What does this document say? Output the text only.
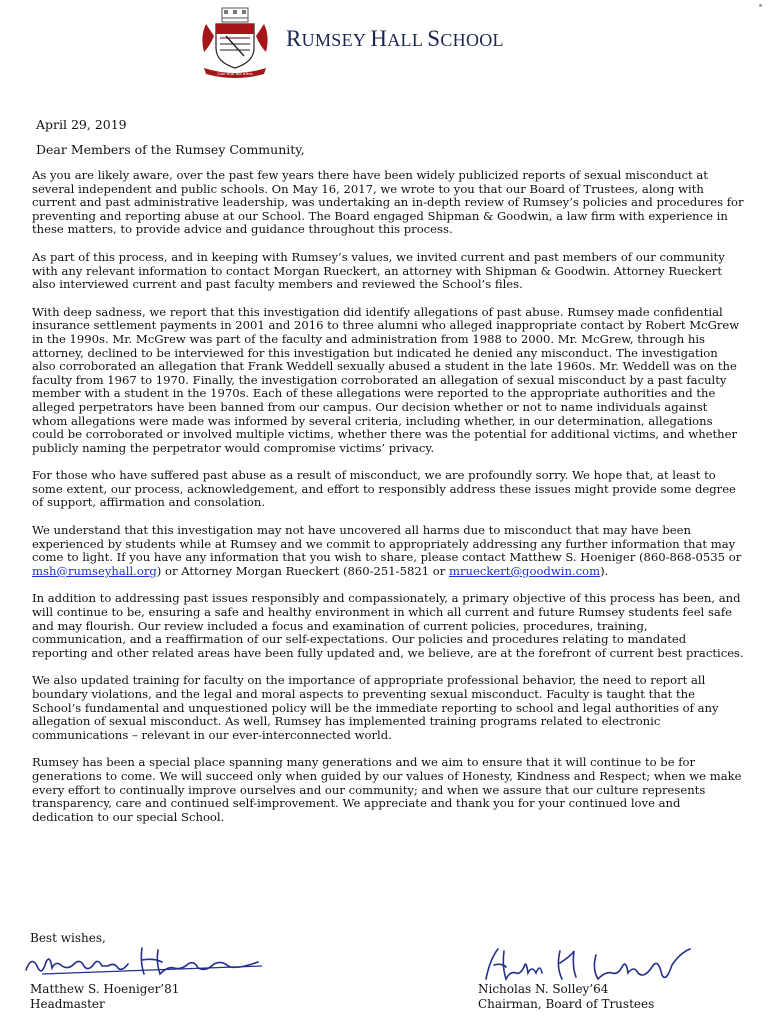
Quo non fas ultra
RUMSEY HALL SCHOOL
April 29, 2019
Dear Members of the Rumsey Community,

As you are likely aware, over the past few years there have been widely publicized reports of sexual misconduct at several independent and public schools. On May 16, 2017, we wrote to you that our Board of Trustees, along with current and past administrative leadership, was undertaking an in-depth review of Rumsey’s policies and procedures for preventing and reporting abuse at our School. The Board engaged Shipman & Goodwin, a law firm with experience in these matters, to provide advice and guidance throughout this process.

As part of this process, and in keeping with Rumsey’s values, we invited current and past members of our community with any relevant information to contact Morgan Rueckert, an attorney with Shipman & Goodwin. Attorney Rueckert also interviewed current and past faculty members and reviewed the School’s files.

With deep sadness, we report that this investigation did identify allegations of past abuse. Rumsey made confidential insurance settlement payments in 2001 and 2016 to three alumni who alleged inappropriate contact by Robert McGrew in the 1990s. Mr. McGrew was part of the faculty and administration from 1988 to 2000. Mr. McGrew, through his attorney, declined to be interviewed for this investigation but indicated he denied any misconduct. The investigation also corroborated an allegation that Frank Weddell sexually abused a student in the late 1960s. Mr. Weddell was on the faculty from 1967 to 1970. Finally, the investigation corroborated an allegation of sexual misconduct by a past faculty member with a student in the 1970s. Each of these allegations were reported to the appropriate authorities and the alleged perpetrators have been banned from our campus. Our decision whether or not to name individuals against whom allegations were made was informed by several criteria, including whether, in our determination, allegations could be corroborated or involved multiple victims, whether there was the potential for additional victims, and whether publicly naming the perpetrator would compromise victims’ privacy.

For those who have suffered past abuse as a result of misconduct, we are profoundly sorry. We hope that, at least to some extent, our process, acknowledgement, and effort to responsibly address these issues might provide some degree of support, affirmation and consolation.

We understand that this investigation may not have uncovered all harms due to misconduct that may have been experienced by students while at Rumsey and we commit to appropriately addressing any further information that may come to light. If you have any information that you wish to share, please contact Matthew S. Hoeniger (860-868-0535 or msh@rumseyhall.org) or Attorney Morgan Rueckert (860-251-5821 or mrueckert@goodwin.com).

In addition to addressing past issues responsibly and compassionately, a primary objective of this process has been, and will continue to be, ensuring a safe and healthy environment in which all current and future Rumsey students feel safe and may flourish. Our review included a focus and examination of current policies, procedures, training, communication, and a reaffirmation of our self-expectations. Our policies and procedures relating to mandated reporting and other related areas have been fully updated and, we believe, are at the forefront of current best practices.

We also updated training for faculty on the importance of appropriate professional behavior, the need to report all boundary violations, and the legal and moral aspects to preventing sexual misconduct. Faculty is taught that the School’s fundamental and unquestioned policy will be the immediate reporting to school and legal authorities of any allegation of sexual misconduct. As well, Rumsey has implemented training programs related to electronic communications – relevant in our ever-interconnected world.

Rumsey has been a special place spanning many generations and we aim to ensure that it will continue to be for generations to come. We will succeed only when guided by our values of Honesty, Kindness and Respect; when we make every effort to continually improve ourselves and our community; and when we assure that our culture represents transparency, care and continued self-improvement. We appreciate and thank you for your continued love and dedication to our special School.

Best wishes,
Matthew S. Hoeniger’81
Headmaster
Nicholas N. Solley’64
Chairman, Board of Trustees
